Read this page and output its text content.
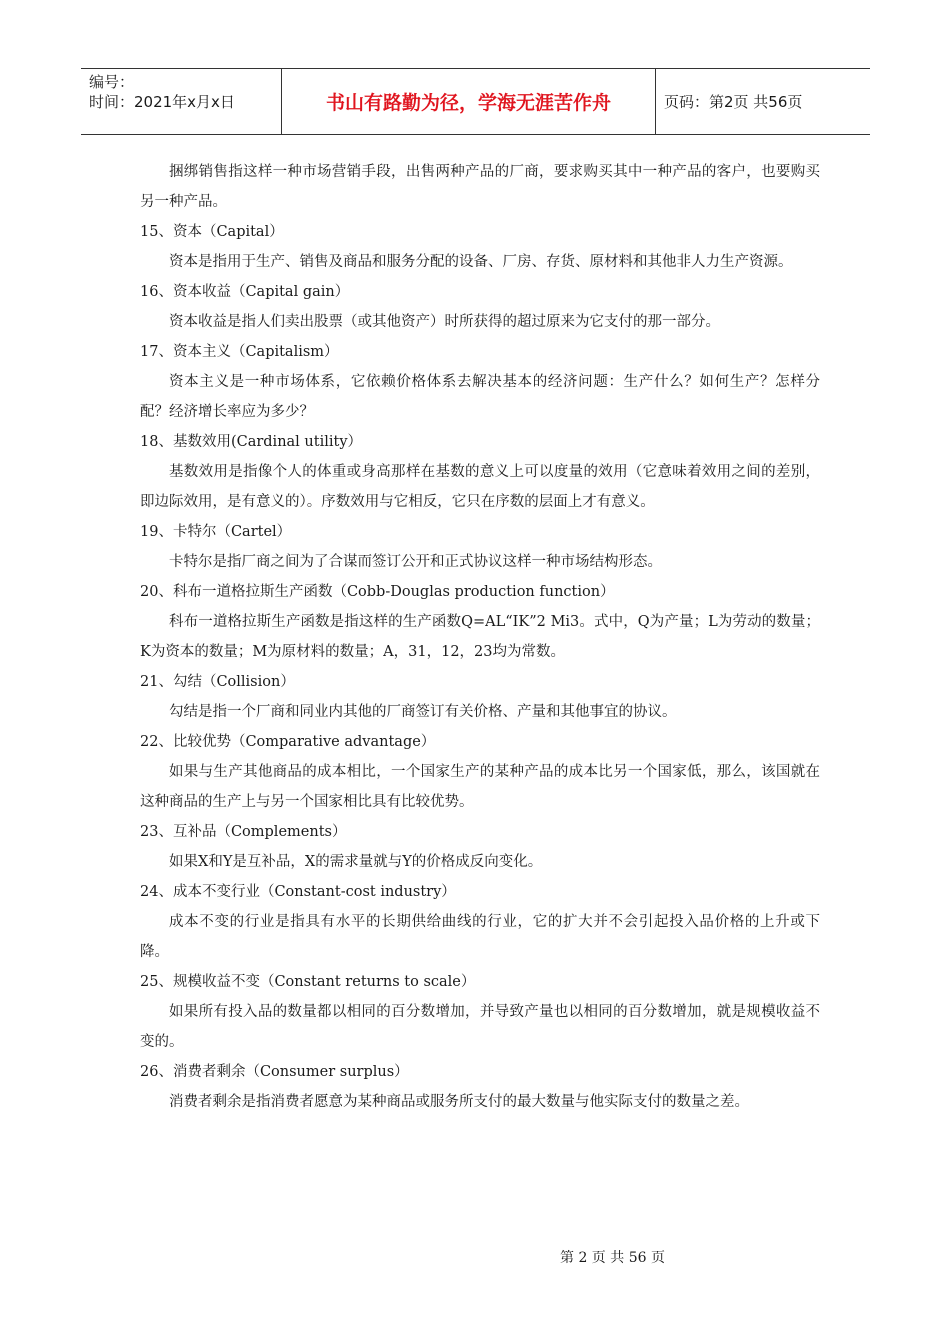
编号：
时间：2021年x月x日	书山有路勤为径，学海无涯苦作舟	页码：第2页 共56页

捆绑销售指这样一种市场营销手段，出售两种产品的厂商，要求购买其中一种产品的客户，也要购买另一种产品。

15、资本（Capital）

资本是指用于生产、销售及商品和服务分配的设备、厂房、存货、原材料和其他非人力生产资源。

16、资本收益（Capital gain）

资本收益是指人们卖出股票（或其他资产）时所获得的超过原来为它支付的那一部分。

17、资本主义（Capitalism）

资本主义是一种市场体系，它依赖价格体系去解决基本的经济问题：生产什么？如何生产？怎样分配？经济增长率应为多少？

18、基数效用(Cardinal utility）

基数效用是指像个人的体重或身高那样在基数的意义上可以度量的效用（它意味着效用之间的差别，即边际效用，是有意义的）。序数效用与它相反，它只在序数的层面上才有意义。

19、卡特尔（Cartel）

卡特尔是指厂商之间为了合谋而签订公开和正式协议这样一种市场结构形态。

20、科布一道格拉斯生产函数（Cobb-Douglas production function）

科布一道格拉斯生产函数是指这样的生产函数Q=AL“IK”2 Mi3。式中，Q为产量；L为劳动的数量；K为资本的数量；M为原材料的数量；A，31，12，23均为常数。

21、勾结（Collision）

勾结是指一个厂商和同业内其他的厂商签订有关价格、产量和其他事宜的协议。

22、比较优势（Comparative advantage）

如果与生产其他商品的成本相比，一个国家生产的某种产品的成本比另一个国家低，那么，该国就在这种商品的生产上与另一个国家相比具有比较优势。

23、互补品（Complements）

如果X和Y是互补品，X的需求量就与Y的价格成反向变化。

24、成本不变行业（Constant-cost industry）

成本不变的行业是指具有水平的长期供给曲线的行业，它的扩大并不会引起投入品价格的上升或下降。

25、规模收益不变（Constant returns to scale）

如果所有投入品的数量都以相同的百分数增加，并导致产量也以相同的百分数增加，就是规模收益不变的。

26、消费者剩余（Consumer surplus）

消费者剩余是指消费者愿意为某种商品或服务所支付的最大数量与他实际支付的数量之差。

第 2 页 共 56 页
